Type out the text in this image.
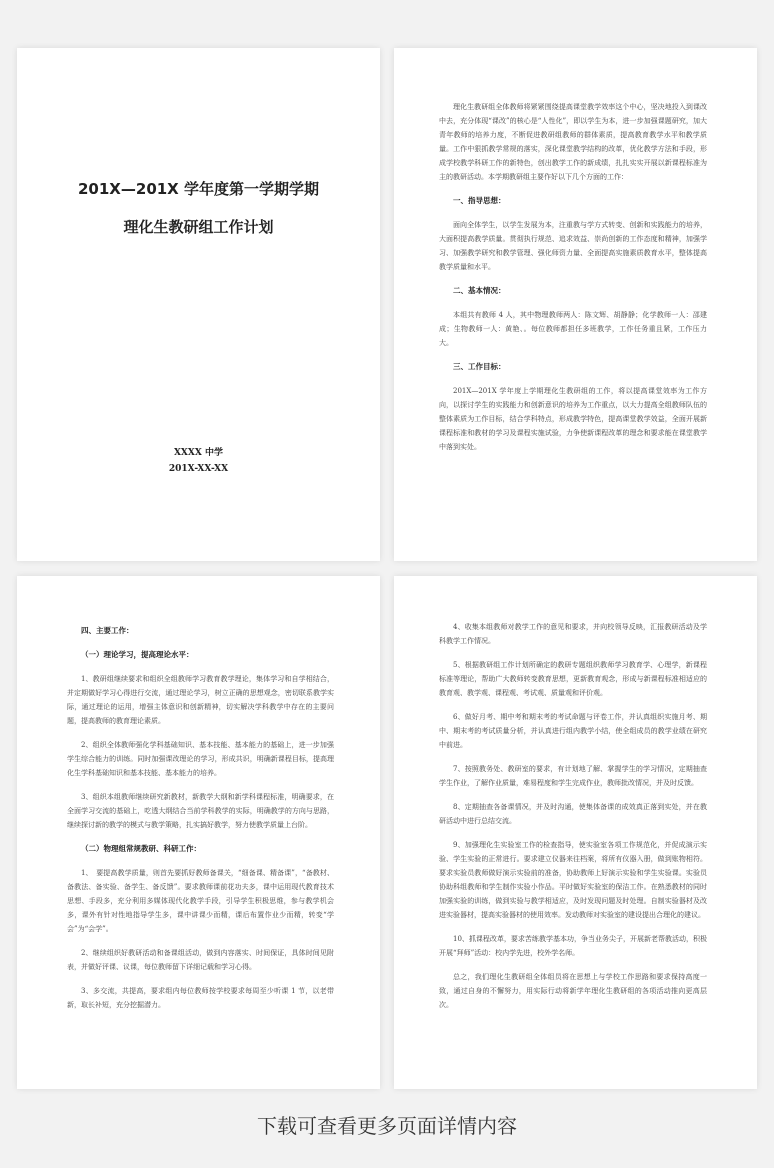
201X—201X 学年度第一学期学期
理化生教研组工作计划
XXXX 中学
201X-XX-XX

理化生教研组全体教师将紧紧围绕提高课堂教学效率这个中心，坚决地投入到课改中去，充分体现“课改”的核心是“人性化”，即以学生为本，进一步加强课题研究，加大青年教师的培养力度，不断促进教研组教师的群体素质，提高教育教学水平和教学质量。工作中狠抓教学常规的落实，深化课堂教学结构的改革，优化教学方法和手段，形成学校教学科研工作的新特色，创出教学工作的新成绩，扎扎实实开展以新课程标准为主的教研活动。本学期教研组主要作好以下几个方面的工作：

一、指导思想：

面向全体学生，以学生发展为本，注重教与学方式转变、创新和实践能力的培养，大面积提高教学质量。贯彻执行规范、追求效益、崇尚创新的工作态度和精神，加强学习、加强教学研究和教学管理、强化师资力量、全面提高实施素质教育水平，整体提高教学质量和水平。

二、基本情况：

本组共有教师 4 人，其中物理教师两人：陈文辉、胡静静；化学教师一人：邵建成；生物教师一人：黄艳、。每位教师都担任多班教学，工作任务重且紧，工作压力大。

三、工作目标：

201X—201X 学年度上学期理化生教研组的工作，将以提高课堂效率为工作方向，以探讨学生的实践能力和创新意识的培养为工作重点，以大力提高全组教师队伍的整体素质为工作目标，结合学科特点，形成教学特色，提高课堂教学效益，全面开展新课程标准和教材的学习及课程实施试验，力争使新课程改革的理念和要求能在课堂教学中落到实处。

四、主要工作：
（一）理论学习，提高理论水平：

1、教研组继续要求和组织全组教师学习教育教学理论，集体学习和自学相结合，并定期做好学习心得进行交流，通过理论学习，树立正确的思想观念，密切联系教学实际，通过理论的运用，增强主体意识和创新精神，切实解决学科教学中存在的主要问题，提高教师的教育理论素质。

2、组织全体教师强化学科基础知识、基本技能、基本能力的基础上，进一步加强学生综合能力的训练。同时加强课改理论的学习，形成共识，明确新课程目标，提高理化生学科基础知识和基本技能、基本能力的培养。

3、组织本组教师继续研究新教材，新教学大纲和新学科课程标准，明确要求，在全面学习交流的基础上，吃透大纲结合当前学科教学的实际，明确教学的方向与思路，继续探讨新的教学的模式与教学策略，扎实搞好教学，努力使教学质量上台阶。

（二）物理组常规教研、科研工作：

1、　要提高教学质量，则首先要抓好教师备课关，“细备课、精备课”，“备教材、备教法、备实验、备学生、备反馈”。要求教师课前花功夫多，课中运用现代教育技术思想、手段多，充分利用多媒体现代化教学手段，引导学生积极思维，参与教学机会多，课外有针对性地指导学生多，课中讲课少而精，课后布置作业少而精，转变“学会”为“会学”。

2、继续组织好教研活动和备课组活动，做到内容落实、时间保证，具体时间见附表，并做好评课、议课，每位教师留下详细记载和学习心得。

3、多交流，共提高，要求组内每位教师按学校要求每周至少听课 1 节，以老带新，取长补短，充分挖掘潜力。

4、收集本组教师对教学工作的意见和要求，并向校领导反映，汇报教研活动及学科教学工作情况。

5、根据教研组工作计划所确定的教研专题组织教师学习教育学、心理学，新课程标准等理论，帮助广大教师转变教育思想，更新教育观念，形成与新课程标准相适应的教育观、教学观、课程观、考试观、质量观和评价观。

6、做好月考、期中考和期末考的考试命题与评卷工作，并认真组织实施月考、期中、期末考的考试质量分析，并认真进行组内教学小结，使全组成员的教学业绩在研究中前进。

7、按照教务处、教研室的要求，有计划地了解、掌握学生的学习情况，定期抽查学生作业，了解作业质量，难易程度和学生完成作业，教师批改情况，并及时反馈。

8、定期抽查各备课情况，并及时沟通，使集体备课的成效真正落到实处，并在教研活动中进行总结交流。

9、加强理化生实验室工作的检查指导，使实验室各项工作规范化，并促成演示实验、学生实验的正常进行。要求建立仪器来往档案，将所有仪器入册，做到账物相符。要求实验员教师做好演示实验前的准备，协助教师上好演示实验和学生实验课。实验员协助科组教师和学生制作实验小作品。平时做好实验室的保洁工作。在熟悉教材的同时加强实验的训练，做到实验与教学相适应，及时发现问题及时处理。自制实验器材及改进实验器材，提高实验器材的使用效率。发动教师对实验室的建设提出合理化的建议。

10、抓课程改革，要求苦练教学基本功，争当业务尖子，开展新老帮教活动，积极开展“拜师”活动：校内学先进，校外学名师。

总之，我们理化生教研组全体组员将在思想上与学校工作思路和要求保持高度一致，通过自身的不懈努力，用实际行动将新学年理化生教研组的各项活动推向更高层次。

下载可查看更多页面详情内容
